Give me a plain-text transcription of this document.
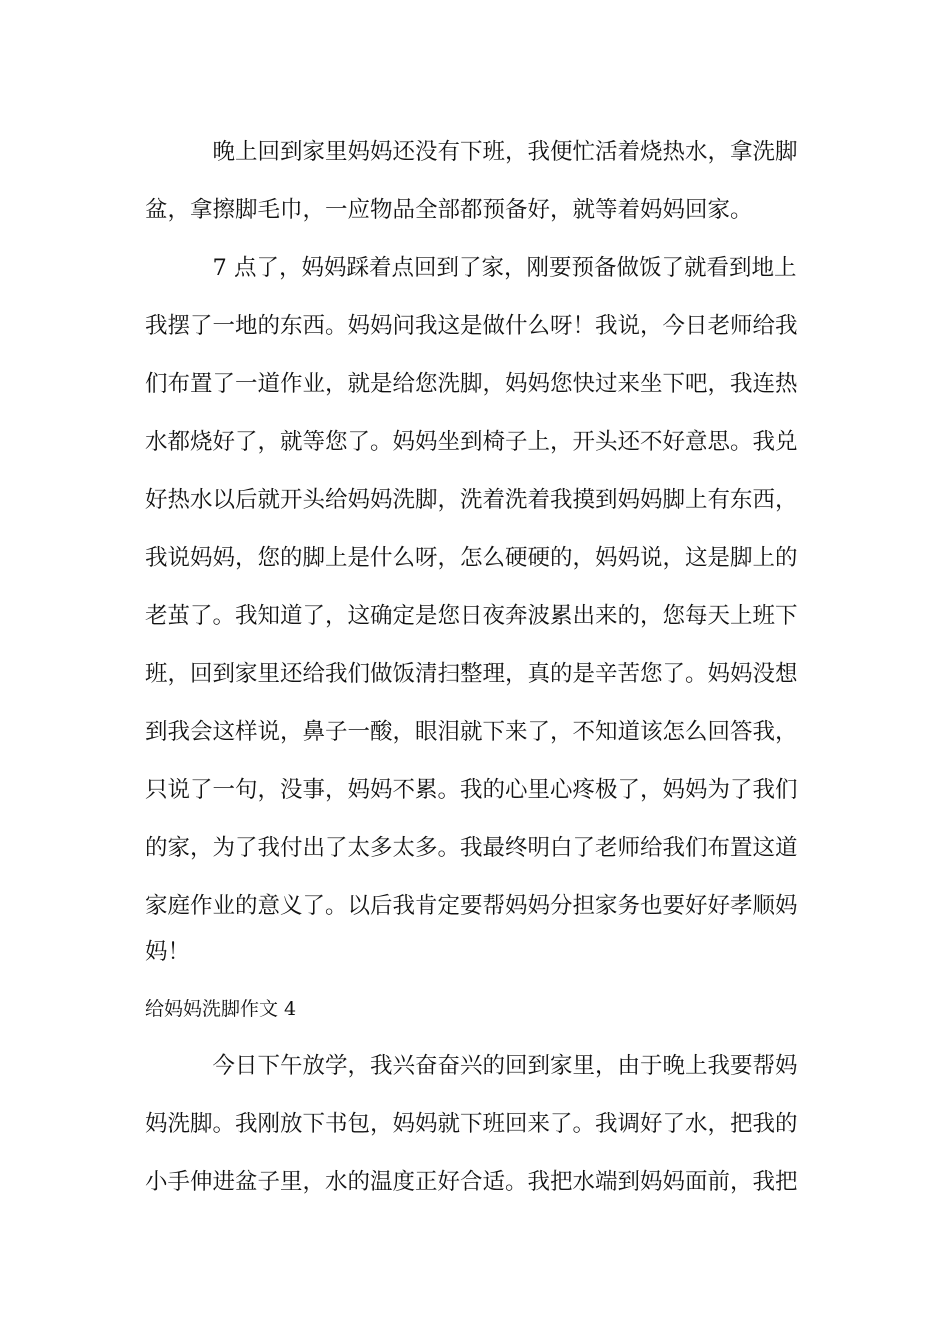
　　　晚上回到家里妈妈还没有下班，我便忙活着烧热水，拿洗脚
盆，拿擦脚毛巾，一应物品全部都预备好，就等着妈妈回家。
　　　7 点了，妈妈踩着点回到了家，刚要预备做饭了就看到地上
我摆了一地的东西。妈妈问我这是做什么呀！我说，今日老师给我
们布置了一道作业，就是给您洗脚，妈妈您快过来坐下吧，我连热
水都烧好了，就等您了。妈妈坐到椅子上，开头还不好意思。我兑
好热水以后就开头给妈妈洗脚，洗着洗着我摸到妈妈脚上有东西，
我说妈妈，您的脚上是什么呀，怎么硬硬的，妈妈说，这是脚上的
老茧了。我知道了，这确定是您日夜奔波累出来的，您每天上班下
班，回到家里还给我们做饭清扫整理，真的是辛苦您了。妈妈没想
到我会这样说，鼻子一酸，眼泪就下来了，不知道该怎么回答我，
只说了一句，没事，妈妈不累。我的心里心疼极了，妈妈为了我们
的家，为了我付出了太多太多。我最终明白了老师给我们布置这道
家庭作业的意义了。以后我肯定要帮妈妈分担家务也要好好孝顺妈
妈！
给妈妈洗脚作文 4
　　　今日下午放学，我兴奋奋兴的回到家里，由于晚上我要帮妈
妈洗脚。我刚放下书包，妈妈就下班回来了。我调好了水，把我的
小手伸进盆子里，水的温度正好合适。我把水端到妈妈面前，我把
